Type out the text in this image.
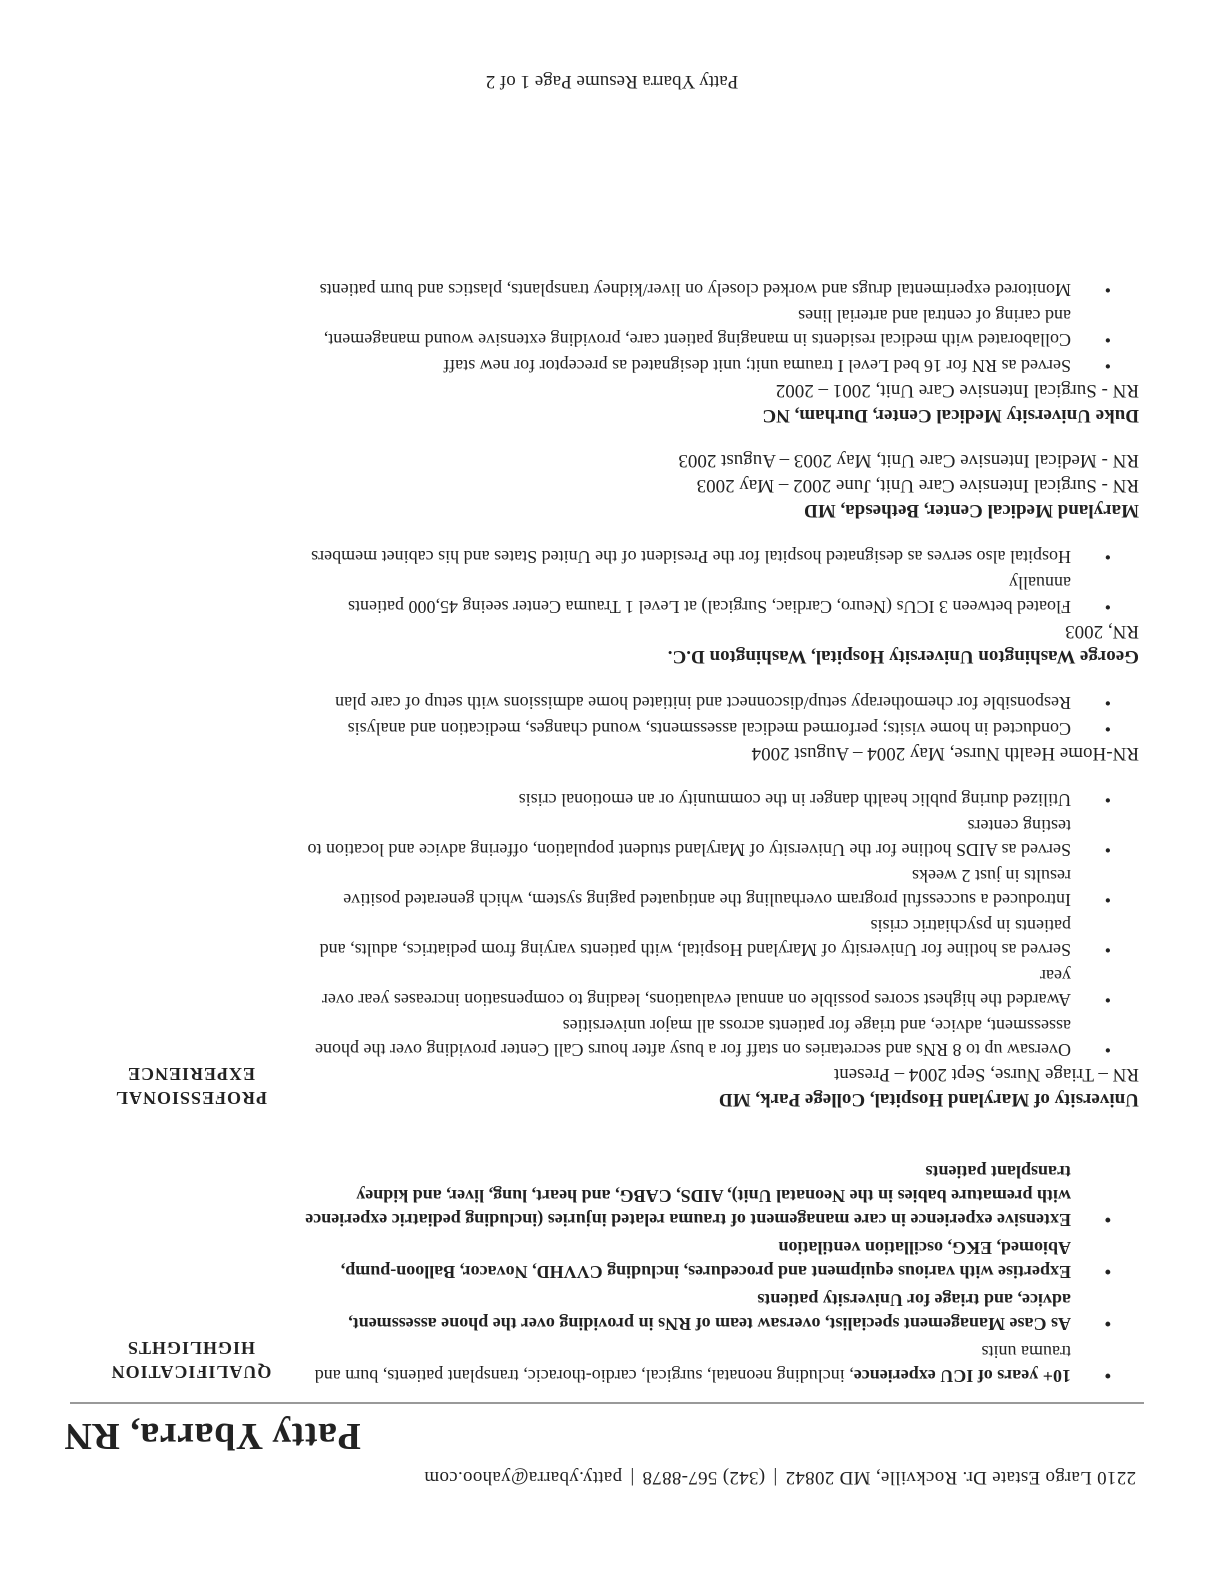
2210 Largo Estate Dr. Rockville, MD 20842|(342) 567-8878|patty.ybarra@yahoo.com
Patty Ybarra, RN
QUALIFICATION
HIGHLIGHTS
• 10+ years of ICU experience, including neonatal, surgical, cardio-thoracic, transplant patients, burn and trauma units
• As Case Management specialist, oversaw team of RNs in providing over the phone assessment, advice, and triage for University patients
• Expertise with various equipment and procedures, including CVVHD, Novacor, Balloon-pump, Abiomed, EKG, oscillation ventilation
• Extensive experience in care management of trauma related injuries (including pediatric experience with premature babies in the Neonatal Unit), AIDS, CABG, and heart, lung, liver, and kidney transplant patients
PROFESSIONAL
EXPERIENCE
University of Maryland Hospital, College Park, MD
RN – Triage Nurse, Sept 2004 – Present
• Oversaw up to 8 RNs and secretaries on staff for a busy after hours Call Center providing over the phone assessment, advice, and triage for patients across all major universities
• Awarded the highest scores possible on annual evaluations, leading to compensation increases year over year
• Served as hotline for University of Maryland Hospital, with patients varying from pediatrics, adults, and patients in psychiatric crisis
• Introduced a successful program overhauling the antiquated paging system, which generated positive results in just 2 weeks
• Served as AIDS hotline for the University of Maryland student population, offering advice and location to testing centers
• Utilized during public health danger in the community or an emotional crisis
RN-Home Health Nurse, May 2004 – August 2004
• Conducted in home visits; performed medical assessments, wound changes, medication and analysis
• Responsible for chemotherapy setup/disconnect and initiated home admissions with setup of care plan
George Washington University Hospital, Washington D.C.
RN, 2003
• Floated between 3 ICUs (Neuro, Cardiac, Surgical) at Level 1 Trauma Center seeing 45,000 patients annually
• Hospital also serves as designated hospital for the President of the United States and his cabinet members
Maryland Medical Center, Bethesda, MD
RN - Surgical Intensive Care Unit, June 2002 – May 2003
RN - Medical Intensive Care Unit, May 2003 – August 2003
Duke University Medical Center, Durham, NC
RN - Surgical Intensive Care Unit, 2001 – 2002
• Served as RN for 16 bed Level I trauma unit; unit designated as preceptor for new staff
• Collaborated with medical residents in managing patient care, providing extensive wound management, and caring of central and arterial lines
• Monitored experimental drugs and worked closely on liver/kidney transplants, plastics and burn patients
Patty Ybarra Resume Page 1 of 2
